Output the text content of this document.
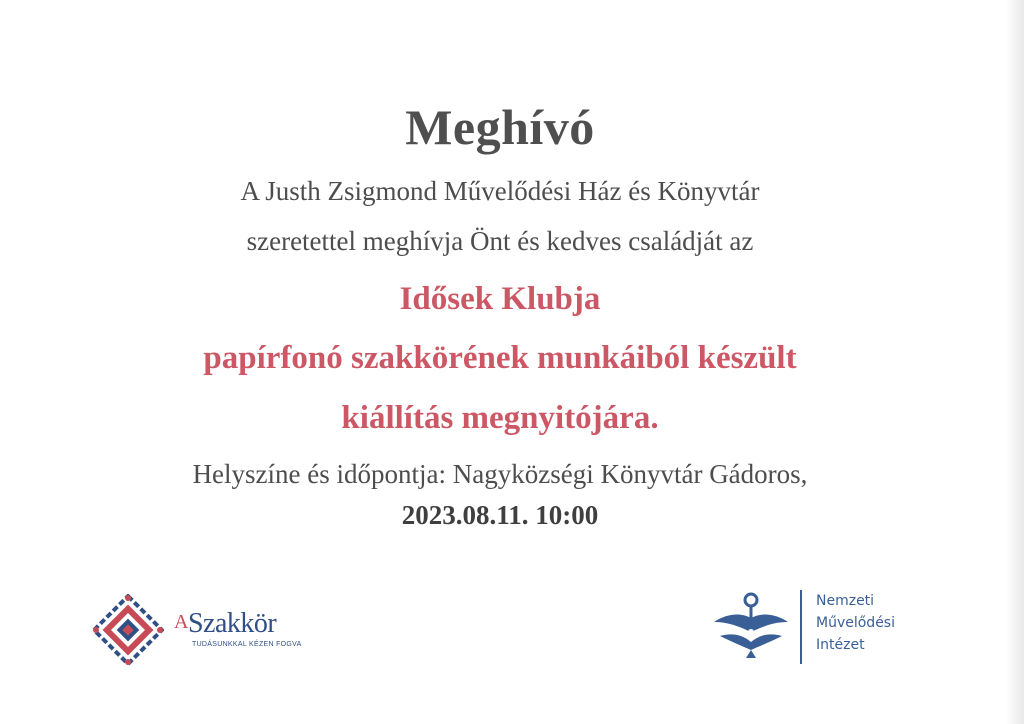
Meghívó
A Justh Zsigmond Művelődési Ház és Könyvtár
szeretettel meghívja Önt és kedves családját az
Idősek Klubja
papírfonó szakkörének munkáiból készült
kiállítás megnyitójára.
Helyszíne és időpontja: Nagyközségi Könyvtár Gádoros,
2023.08.11. 10:00
ASzakkör
TUDÁSUNKKAL KÉZEN FOGVA
Nemzeti
Művelődési
Intézet
